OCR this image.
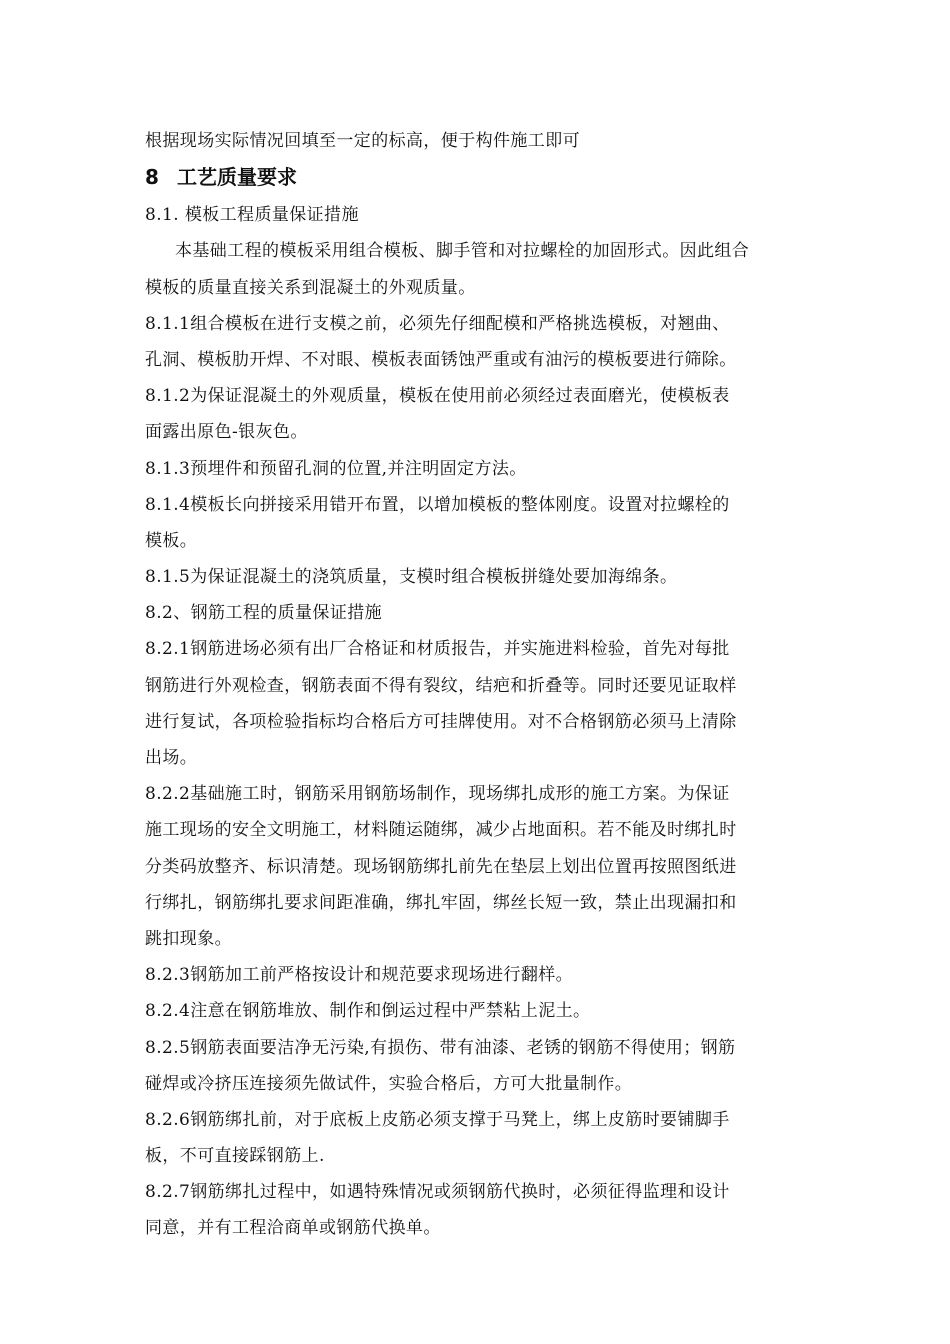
根据现场实际情况回填至一定的标高，便于构件施工即可
8 工艺质量要求
8.1. 模板工程质量保证措施
本基础工程的模板采用组合模板、脚手管和对拉螺栓的加固形式。因此组合
模板的质量直接关系到混凝土的外观质量。
8.1.1组合模板在进行支模之前，必须先仔细配模和严格挑选模板，对翘曲、
孔洞、模板肋开焊、不对眼、模板表面锈蚀严重或有油污的模板要进行筛除。
8.1.2为保证混凝土的外观质量，模板在使用前必须经过表面磨光，使模板表
面露出原色-银灰色。
8.1.3预埋件和预留孔洞的位置,并注明固定方法。
8.1.4模板长向拼接采用错开布置，以增加模板的整体刚度。设置对拉螺栓的
模板。
8.1.5为保证混凝土的浇筑质量，支模时组合模板拼缝处要加海绵条。
8.2、钢筋工程的质量保证措施
8.2.1钢筋进场必须有出厂合格证和材质报告，并实施进料检验，首先对每批
钢筋进行外观检查，钢筋表面不得有裂纹，结疤和折叠等。同时还要见证取样
进行复试，各项检验指标均合格后方可挂牌使用。对不合格钢筋必须马上清除
出场。
8.2.2基础施工时，钢筋采用钢筋场制作，现场绑扎成形的施工方案。为保证
施工现场的安全文明施工，材料随运随绑，减少占地面积。若不能及时绑扎时
分类码放整齐、标识清楚。现场钢筋绑扎前先在垫层上划出位置再按照图纸进
行绑扎，钢筋绑扎要求间距准确，绑扎牢固，绑丝长短一致，禁止出现漏扣和
跳扣现象。
8.2.3钢筋加工前严格按设计和规范要求现场进行翻样。
8.2.4注意在钢筋堆放、制作和倒运过程中严禁粘上泥土。
8.2.5钢筋表面要洁净无污染,有损伤、带有油漆、老锈的钢筋不得使用；钢筋
碰焊或冷挤压连接须先做试件，实验合格后，方可大批量制作。
8.2.6钢筋绑扎前，对于底板上皮筋必须支撑于马凳上，绑上皮筋时要铺脚手
板，不可直接踩钢筋上.
8.2.7钢筋绑扎过程中，如遇特殊情况或须钢筋代换时，必须征得监理和设计
同意，并有工程洽商单或钢筋代换单。
